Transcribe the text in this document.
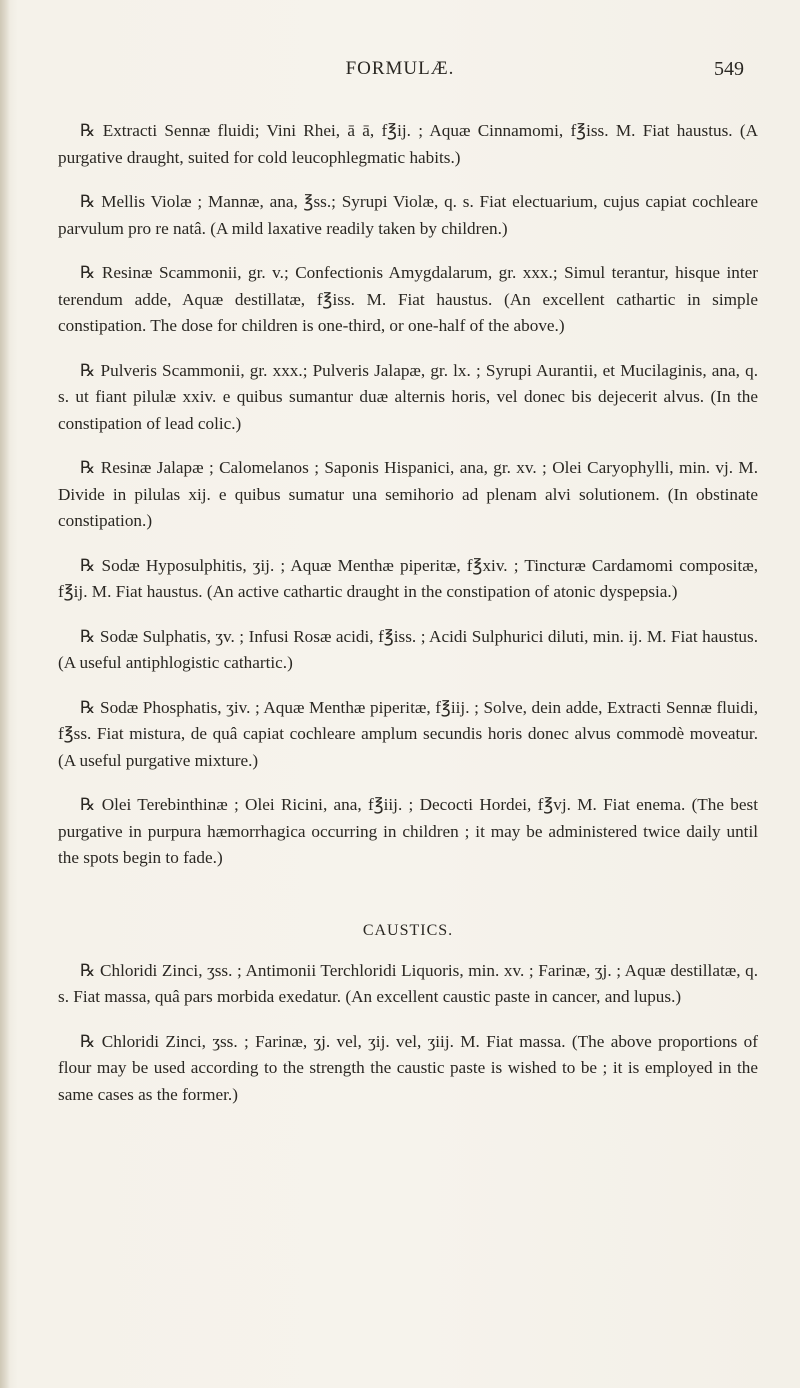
FORMULÆ.	549

℞ Extracti Sennæ fluidi; Vini Rhei, ā ā, f℥ij. ; Aquæ Cinnamomi, f℥iss. M. Fiat haustus. (A purgative draught, suited for cold leucophlegmatic habits.)

℞ Mellis Violæ ; Mannæ, ana, ℥ss.; Syrupi Violæ, q. s. Fiat electuarium, cujus capiat cochleare parvulum pro re natâ. (A mild laxative readily taken by children.)

℞ Resinæ Scammonii, gr. v.; Confectionis Amygdalarum, gr. xxx.; Simul terantur, hisque inter terendum adde, Aquæ destillatæ, f℥iss. M. Fiat haustus. (An excellent cathartic in simple constipation. The dose for children is one-third, or one-half of the above.)

℞ Pulveris Scammonii, gr. xxx.; Pulveris Jalapæ, gr. lx. ; Syrupi Aurantii, et Mucilaginis, ana, q. s. ut fiant pilulæ xxiv. e quibus sumantur duæ alternis horis, vel donec bis dejecerit alvus. (In the constipation of lead colic.)

℞ Resinæ Jalapæ ; Calomelanos ; Saponis Hispanici, ana, gr. xv. ; Olei Caryophylli, min. vj. M. Divide in pilulas xij. e quibus sumatur una semihorio ad plenam alvi solutionem. (In obstinate constipation.)

℞ Sodæ Hyposulphitis, ʒij. ; Aquæ Menthæ piperitæ, f℥xiv. ; Tincturæ Cardamomi compositæ, f℥ij. M. Fiat haustus. (An active cathartic draught in the constipation of atonic dyspepsia.)

℞ Sodæ Sulphatis, ʒv. ; Infusi Rosæ acidi, f℥iss. ; Acidi Sulphurici diluti, min. ij. M. Fiat haustus. (A useful antiphlogistic cathartic.)

℞ Sodæ Phosphatis, ʒiv. ; Aquæ Menthæ piperitæ, f℥iij. ; Solve, dein adde, Extracti Sennæ fluidi, f℥ss. Fiat mistura, de quâ capiat cochleare amplum secundis horis donec alvus commodè moveatur. (A useful purgative mixture.)

℞ Olei Terebinthinæ ; Olei Ricini, ana, f℥iij. ; Decocti Hordei, f℥vj. M. Fiat enema. (The best purgative in purpura hæmorrhagica occurring in children ; it may be administered twice daily until the spots begin to fade.)

CAUSTICS.

℞ Chloridi Zinci, ʒss. ; Antimonii Terchloridi Liquoris, min. xv. ; Farinæ, ʒj. ; Aquæ destillatæ, q. s. Fiat massa, quâ pars morbida exedatur. (An excellent caustic paste in cancer, and lupus.)

℞ Chloridi Zinci, ʒss. ; Farinæ, ʒj. vel, ʒij. vel, ʒiij. M. Fiat massa. (The above proportions of flour may be used according to the strength the caustic paste is wished to be ; it is employed in the same cases as the former.)
